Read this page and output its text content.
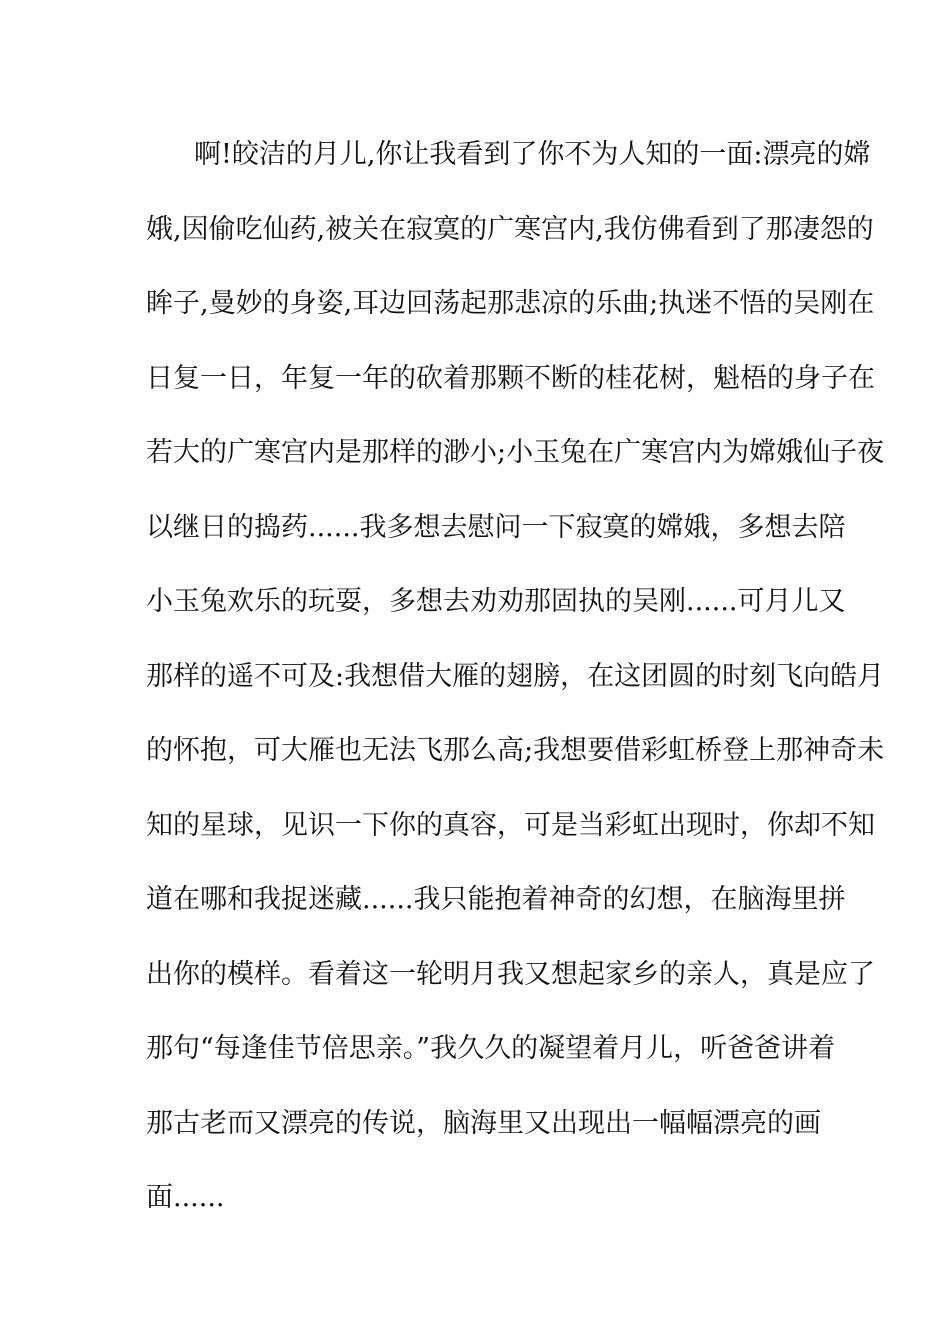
啊!皎洁的月儿,你让我看到了你不为人知的一面:漂亮的嫦
娥,因偷吃仙药,被关在寂寞的广寒宫内,我仿佛看到了那凄怨的
眸子,曼妙的身姿,耳边回荡起那悲凉的乐曲;执迷不悟的吴刚在
日复一日，年复一年的砍着那颗不断的桂花树，魁梧的身子在
若大的广寒宫内是那样的渺小;小玉兔在广寒宫内为嫦娥仙子夜
以继日的捣药......我多想去慰问一下寂寞的嫦娥，多想去陪
小玉兔欢乐的玩耍，多想去劝劝那固执的吴刚......可月儿又
那样的遥不可及:我想借大雁的翅膀，在这团圆的时刻飞向皓月
的怀抱，可大雁也无法飞那么高;我想要借彩虹桥登上那神奇未
知的星球，见识一下你的真容，可是当彩虹出现时，你却不知
道在哪和我捉迷藏......我只能抱着神奇的幻想，在脑海里拼
出你的模样。看着这一轮明月我又想起家乡的亲人，真是应了
那句“每逢佳节倍思亲。”我久久的凝望着月儿，听爸爸讲着
那古老而又漂亮的传说，脑海里又出现出一幅幅漂亮的画
面......
